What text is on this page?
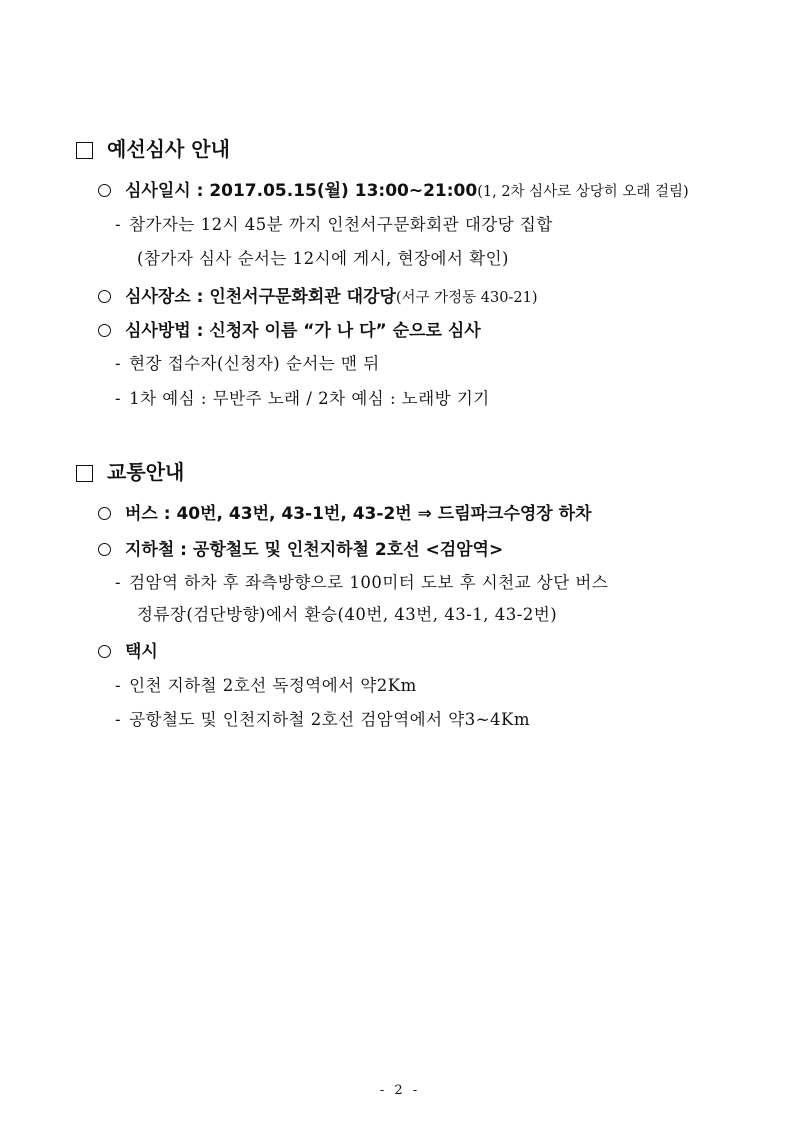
예선심사 안내
심사일시 : 2017.05.15(월) 13:00~21:00(1, 2차 심사로 상당히 오래 걸림)
- 참가자는 12시 45분 까지 인천서구문화회관 대강당 집합
(참가자 심사 순서는 12시에 게시, 현장에서 확인)
심사장소 : 인천서구문화회관 대강당(서구 가정동 430-21)
심사방법 : 신청자 이름 “가 나 다” 순으로 심사
- 현장 접수자(신청자) 순서는 맨 뒤
- 1차 예심 : 무반주 노래 / 2차 예심 : 노래방 기기
교통안내
버스 : 40번, 43번, 43-1번, 43-2번 ⇒ 드림파크수영장 하차
지하철 : 공항철도 및 인천지하철 2호선 <검암역>
- 검암역 하차 후 좌측방향으로 100미터 도보 후 시천교 상단 버스
정류장(검단방향)에서 환승(40번, 43번, 43-1, 43-2번)
택시
- 인천 지하철 2호선 독정역에서 약2Km
- 공항철도 및 인천지하철 2호선 검암역에서 약3~4Km
- 2 -
